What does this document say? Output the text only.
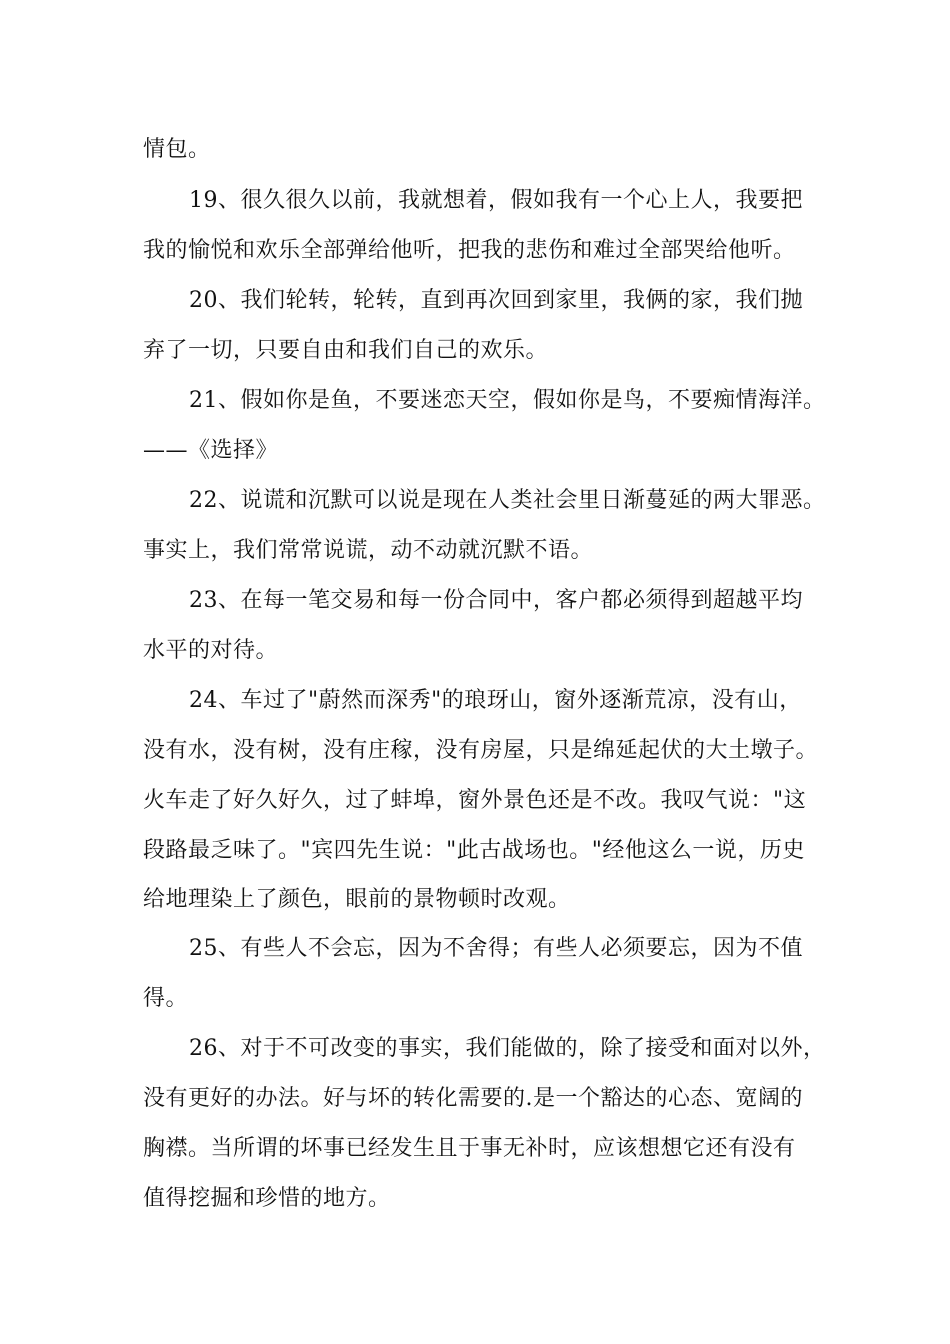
情包。

19、很久很久以前，我就想着，假如我有一个心上人，我要把

我的愉悦和欢乐全部弹给他听，把我的悲伤和难过全部哭给他听。

20、我们轮转，轮转，直到再次回到家里，我俩的家，我们抛

弃了一切，只要自由和我们自己的欢乐。

21、假如你是鱼，不要迷恋天空，假如你是鸟，不要痴情海洋。

——《选择》

22、说谎和沉默可以说是现在人类社会里日渐蔓延的两大罪恶。

事实上，我们常常说谎，动不动就沉默不语。

23、在每一笔交易和每一份合同中，客户都必须得到超越平均

水平的对待。

24、车过了"蔚然而深秀"的琅玡山，窗外逐渐荒凉，没有山，

没有水，没有树，没有庄稼，没有房屋，只是绵延起伏的大土墩子。

火车走了好久好久，过了蚌埠，窗外景色还是不改。我叹气说："这

段路最乏味了。"宾四先生说："此古战场也。"经他这么一说，历史

给地理染上了颜色，眼前的景物顿时改观。

25、有些人不会忘，因为不舍得；有些人必须要忘，因为不值

得。

26、对于不可改变的事实，我们能做的，除了接受和面对以外，

没有更好的办法。好与坏的转化需要的.是一个豁达的心态、宽阔的

胸襟。当所谓的坏事已经发生且于事无补时，应该想想它还有没有

值得挖掘和珍惜的地方。
